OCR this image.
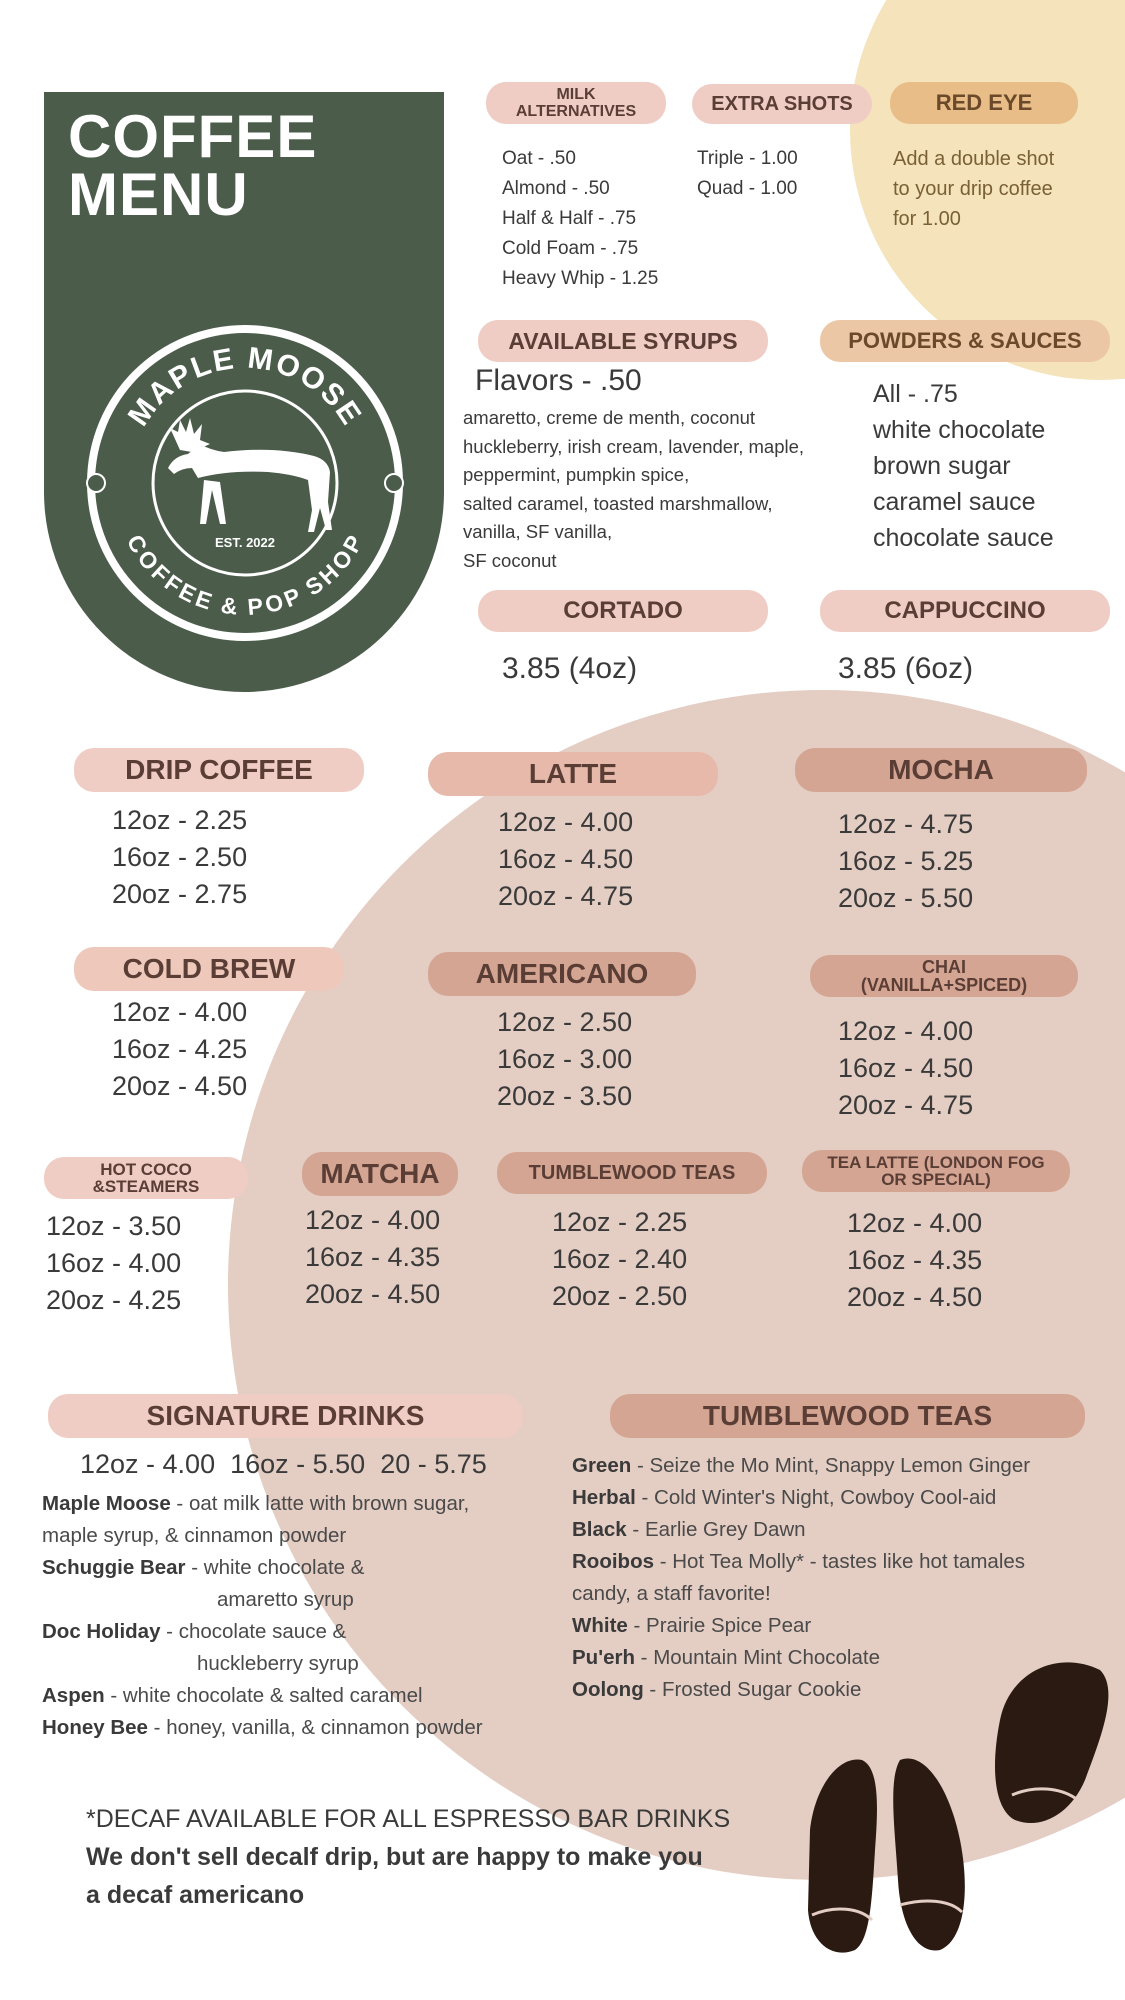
COFFEE
MENU
MAPLE MOOSE
COFFEE & POP SHOP
EST. 2022
MILK
ALTERNATIVES
Oat - .50
Almond - .50
Half & Half - .75
Cold Foam - .75
Heavy Whip - 1.25
EXTRA SHOTS
Triple - 1.00
Quad - 1.00
RED EYE
Add a double shot
to your drip coffee
for 1.00
AVAILABLE SYRUPS
Flavors - .50
amaretto, creme de menth, coconut
huckleberry, irish cream, lavender, maple,
peppermint, pumpkin spice,
salted caramel, toasted marshmallow,
vanilla, SF vanilla,
SF coconut
POWDERS & SAUCES
All - .75
white chocolate
brown sugar
caramel sauce
chocolate sauce
CORTADO
3.85 (4oz)
CAPPUCCINO
3.85 (6oz)
DRIP COFFEE
12oz - 2.25
16oz - 2.50
20oz - 2.75
LATTE
12oz - 4.00
16oz - 4.50
20oz - 4.75
MOCHA
12oz - 4.75
16oz - 5.25
20oz - 5.50
COLD BREW
12oz - 4.00
16oz - 4.25
20oz - 4.50
AMERICANO
12oz - 2.50
16oz - 3.00
20oz - 3.50
CHAI
(VANILLA+SPICED)
12oz - 4.00
16oz - 4.50
20oz - 4.75
HOT COCO
&STEAMERS
12oz - 3.50
16oz - 4.00
20oz - 4.25
MATCHA
12oz - 4.00
16oz - 4.35
20oz - 4.50
TUMBLEWOOD TEAS
12oz - 2.25
16oz - 2.40
20oz - 2.50
TEA LATTE (LONDON FOG
OR SPECIAL)
12oz - 4.00
16oz - 4.35
20oz - 4.50
SIGNATURE DRINKS
12oz - 4.00  16oz - 5.50  20 - 5.75
Maple Moose - oat milk latte with brown sugar,
maple syrup, & cinnamon powder
Schuggie Bear - white chocolate &
amaretto syrup
Doc Holiday - chocolate sauce &
huckleberry syrup
Aspen - white chocolate & salted caramel
Honey Bee - honey, vanilla, & cinnamon powder
TUMBLEWOOD TEAS
Green - Seize the Mo Mint, Snappy Lemon Ginger
Herbal - Cold Winter's Night, Cowboy Cool-aid
Black - Earlie Grey Dawn
Rooibos - Hot Tea Molly* - tastes like hot tamales
candy, a staff favorite!
White - Prairie Spice Pear
Pu'erh - Mountain Mint Chocolate
Oolong - Frosted Sugar Cookie
*DECAF AVAILABLE FOR ALL ESPRESSO BAR DRINKS
We don't sell decalf drip, but are happy to make you
a decaf americano
